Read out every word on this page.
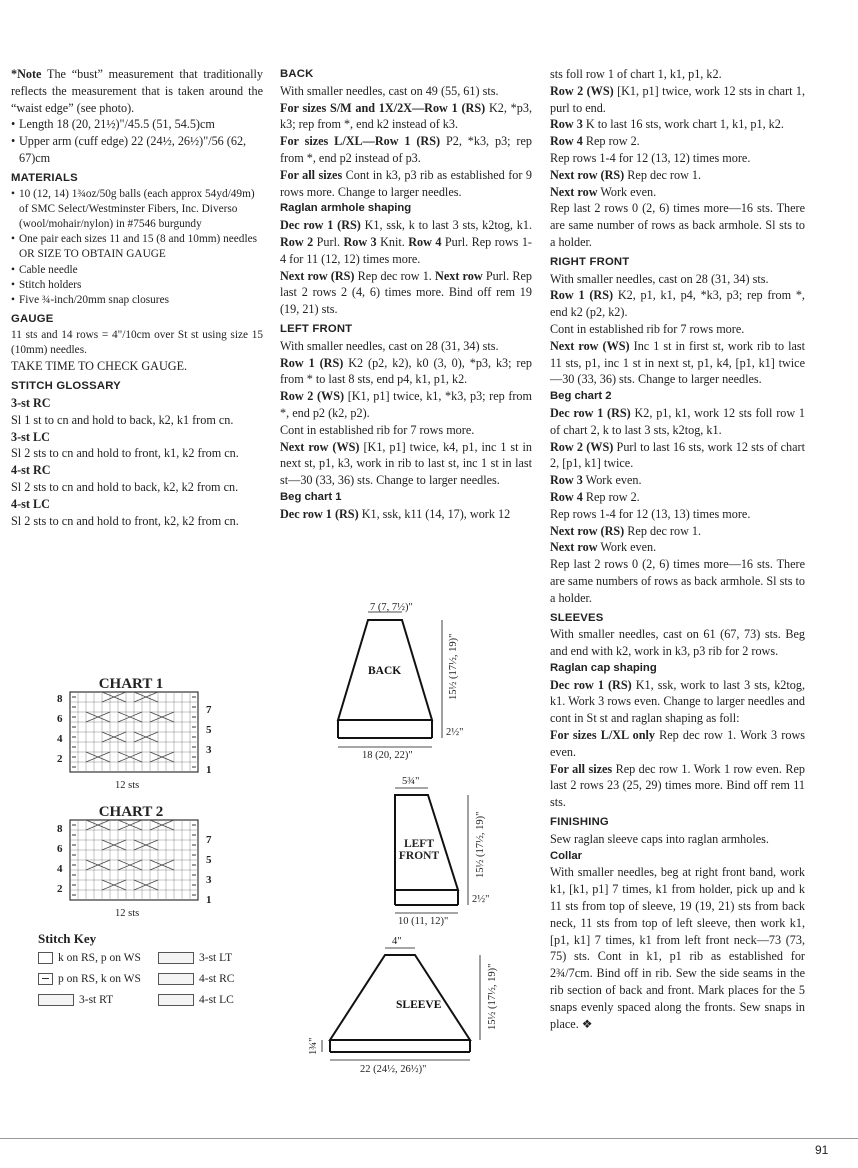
*Note The “bust” measurement that traditionally reflects the measurement that is taken around the “waist edge” (see photo).

• Length 18 (20, 21½)"/45.5 (51, 54.5)cm
• Upper arm (cuff edge) 22 (24½, 26½)"/56 (62, 67)cm
MATERIALS
• 10 (12, 14) 1¾oz/50g balls (each approx 54yd/49m) of SMC Select/Westminster Fibers, Inc. Diverso (wool/mohair/nylon) in #7546 burgundy
• One pair each sizes 11 and 15 (8 and 10mm) needles OR SIZE TO OBTAIN GAUGE
• Cable needle
• Stitch holders
• Five ¾-inch/20mm snap closures
GAUGE

11 sts and 14 rows = 4"/10cm over St st using size 15 (10mm) needles.

TAKE TIME TO CHECK GAUGE.

STITCH GLOSSARY
3-st RC

Sl 1 st to cn and hold to back, k2, k1 from cn.

3-st LC

Sl 2 sts to cn and hold to front, k1, k2 from cn.

4-st RC

Sl 2 sts to cn and hold to back, k2, k2 from cn.

4-st LC

Sl 2 sts to cn and hold to front, k2, k2 from cn.

CHART 1
8
6
4
2
7
5
3
1
12 sts
CHART 2
8
6
4
2
7
5
3
1
12 sts
Stitch Key
k on RS, p on WS
p on RS, k on WS
3-st RT
3-st LT
4-st RC
4-st LC
BACK

With smaller needles, cast on 49 (55, 61) sts.
For sizes S/M and 1X/2X—Row 1 (RS) K2, *p3, k3; rep from *, end k2 instead of k3.
For sizes L/XL—Row 1 (RS) P2, *k3, p3; rep from *, end p2 instead of p3.
For all sizes Cont in k3, p3 rib as established for 9 rows more. Change to larger needles.

Raglan armhole shaping

Dec row 1 (RS) K1, ssk, k to last 3 sts, k2tog, k1. Row 2 Purl. Row 3 Knit. Row 4 Purl. Rep rows 1-4 for 11 (12, 12) times more.
Next row (RS) Rep dec row 1. Next row Purl. Rep last 2 rows 2 (4, 6) times more. Bind off rem 19 (19, 21) sts.

LEFT FRONT

With smaller needles, cast on 28 (31, 34) sts.
Row 1 (RS) K2 (p2, k2), k0 (3, 0), *p3, k3; rep from * to last 8 sts, end p4, k1, p1, k2.
Row 2 (WS) [K1, p1] twice, k1, *k3, p3; rep from *, end p2 (k2, p2).
Cont in established rib for 7 rows more.
Next row (WS) [K1, p1] twice, k4, p1, inc 1 st in next st, p1, k3, work in rib to last st, inc 1 st in last st—30 (33, 36) sts. Change to larger needles.

Beg chart 1

Dec row 1 (RS) K1, ssk, k11 (14, 17), work 12

7 (7, 7½)"
15½ (17½, 19)"
2½"
18 (20, 22)"
5¾"
15½ (17½, 19)"
2½"
10 (11, 12)"
4"
15½ (17½, 19)"
1¾"
22 (24½, 26½)"
BACK
SLEEVE
LEFT FRONT

sts foll row 1 of chart 1, k1, p1, k2.
Row 2 (WS) [K1, p1] twice, work 12 sts in chart 1, purl to end.
Row 3 K to last 16 sts, work chart 1, k1, p1, k2.
Row 4 Rep row 2.
Rep rows 1-4 for 12 (13, 12) times more.
Next row (RS) Rep dec row 1.
Next row Work even.
Rep last 2 rows 0 (2, 6) times more—16 sts. There are same number of rows as back armhole. Sl sts to a holder.

RIGHT FRONT

With smaller needles, cast on 28 (31, 34) sts.
Row 1 (RS) K2, p1, k1, p4, *k3, p3; rep from *, end k2 (p2, k2).
Cont in established rib for 7 rows more.
Next row (WS) Inc 1 st in first st, work rib to last 11 sts, p1, inc 1 st in next st, p1, k4, [p1, k1] twice—30 (33, 36) sts. Change to larger needles.

Beg chart 2

Dec row 1 (RS) K2, p1, k1, work 12 sts foll row 1 of chart 2, k to last 3 sts, k2tog, k1.
Row 2 (WS) Purl to last 16 sts, work 12 sts of chart 2, [p1, k1] twice.
Row 3 Work even.
Row 4 Rep row 2.
Rep rows 1-4 for 12 (13, 13) times more.
Next row (RS) Rep dec row 1.
Next row Work even.
Rep last 2 rows 0 (2, 6) times more—16 sts. There are same numbers of rows as back armhole. Sl sts to a holder.

SLEEVES

With smaller needles, cast on 61 (67, 73) sts. Beg and end with k2, work in k3, p3 rib for 2 rows.

Raglan cap shaping

Dec row 1 (RS) K1, ssk, work to last 3 sts, k2tog, k1. Work 3 rows even. Change to larger needles and cont in St st and raglan shaping as foll:
For sizes L/XL only Rep dec row 1. Work 3 rows even.
For all sizes Rep dec row 1. Work 1 row even. Rep last 2 rows 23 (25, 29) times more. Bind off rem 11 sts.

FINISHING

Sew raglan sleeve caps into raglan armholes.

Collar

With smaller needles, beg at right front band, work k1, [k1, p1] 7 times, k1 from holder, pick up and k 11 sts from top of sleeve, 19 (19, 21) sts from back neck, 11 sts from top of left sleeve, then work k1, [p1, k1] 7 times, k1 from left front neck—73 (73, 75) sts. Cont in k1, p1 rib as established for 2¾/7cm. Bind off in rib. Sew the side seams in the rib section of back and front. Mark places for the 5 snaps evenly spaced along the fronts. Sew snaps in place. ❖

91
